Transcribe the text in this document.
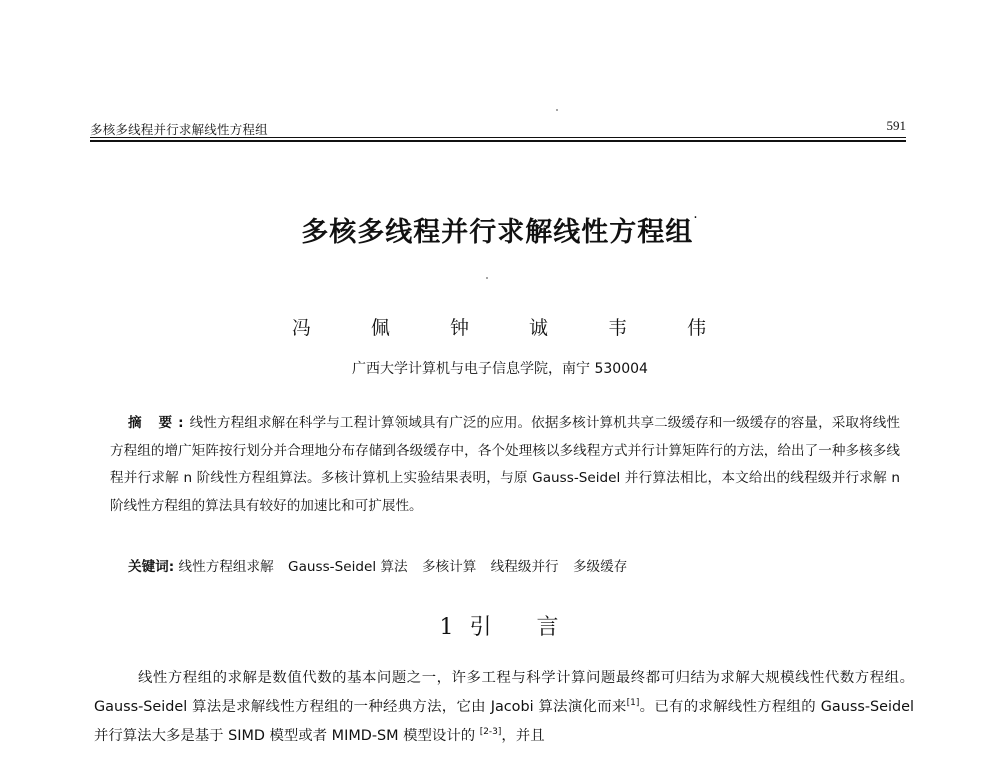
多核多线程并行求解线性方程组	591
多核多线程并行求解线性方程组·
冯	佩	钟	诚	韦	伟
广西大学计算机与电子信息学院，南宁 530004
摘 要:线性方程组求解在科学与工程计算领域具有广泛的应用。依据多核计算机共享二级缓存和一级缓存的容量，采取将线性方程组的增广矩阵按行划分并合理地分布存储到各级缓存中，各个处理核以多线程方式并行计算矩阵行的方法，给出了一种多核多线程并行求解 n 阶线性方程组算法。多核计算机上实验结果表明，与原 Gauss-Seidel 并行算法相比，本文给出的线程级并行求解 n 阶线性方程组的算法具有较好的加速比和可扩展性。
关键词: 线性方程组求解 Gauss-Seidel 算法 多核计算 线程级并行 多级缓存
1 引 言
线性方程组的求解是数值代数的基本问题之一，许多工程与科学计算问题最终都可归结为求解大规模线性代数方程组。Gauss-Seidel 算法是求解线性方程组的一种经典方法，它由 Jacobi 算法演化而来[1]。已有的求解线性方程组的 Gauss-Seidel 并行算法大多是基于 SIMD 模型或者 MIMD-SM 模型设计的 [2-3]，并且
